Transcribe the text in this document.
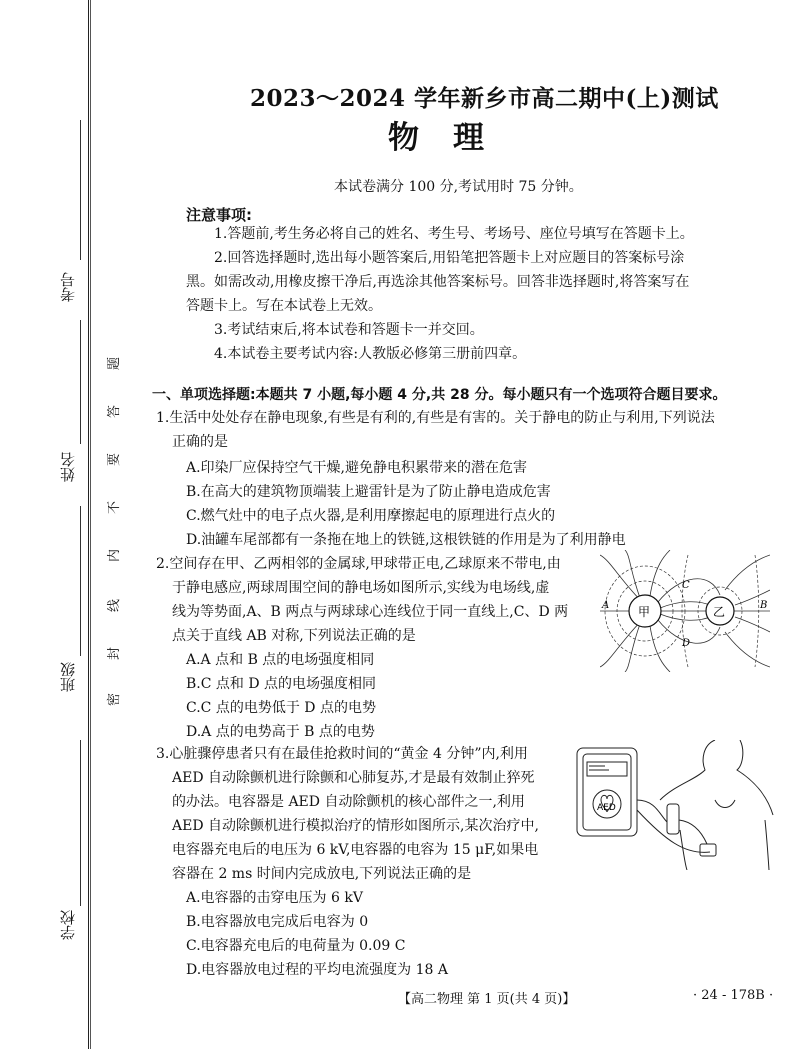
考号
姓名
班级
学校
密
封
线
内
不
要
答
题
2023～2024 学年新乡市高二期中(上)测试
物理
本试卷满分 100 分,考试用时 75 分钟。
注意事项:
1.答题前,考生务必将自己的姓名、考生号、考场号、座位号填写在答题卡上。
2.回答选择题时,选出每小题答案后,用铅笔把答题卡上对应题目的答案标号涂
黑。如需改动,用橡皮擦干净后,再选涂其他答案标号。回答非选择题时,将答案写在
答题卡上。写在本试卷上无效。
3.考试结束后,将本试卷和答题卡一并交回。
4.本试卷主要考试内容:人教版必修第三册前四章。
一、单项选择题:本题共 7 小题,每小题 4 分,共 28 分。每小题只有一个选项符合题目要求。
1.生活中处处存在静电现象,有些是有利的,有些是有害的。关于静电的防止与利用,下列说法
正确的是
A.印染厂应保持空气干燥,避免静电积累带来的潜在危害
B.在高大的建筑物顶端装上避雷针是为了防止静电造成危害
C.燃气灶中的电子点火器,是利用摩擦起电的原理进行点火的
D.油罐车尾部都有一条拖在地上的铁链,这根铁链的作用是为了利用静电
2.空间存在甲、乙两相邻的金属球,甲球带正电,乙球原来不带电,由
于静电感应,两球周围空间的静电场如图所示,实线为电场线,虚
线为等势面,A、B 两点与两球球心连线位于同一直线上,C、D 两
点关于直线 AB 对称,下列说法正确的是
A.A 点和 B 点的电场强度相同
B.C 点和 D 点的电场强度相同
C.C 点的电势低于 D 点的电势
D.A 点的电势高于 B 点的电势
甲	乙
A	B
C
D
3.心脏骤停患者只有在最佳抢救时间的“黄金 4 分钟”内,利用
AED 自动除颤机进行除颤和心肺复苏,才是最有效制止猝死
的办法。电容器是 AED 自动除颤机的核心部件之一,利用
AED 自动除颤机进行模拟治疗的情形如图所示,某次治疗中,
电容器充电后的电压为 6 kV,电容器的电容为 15 μF,如果电
容器在 2 ms 时间内完成放电,下列说法正确的是
A.电容器的击穿电压为 6 kV
B.电容器放电完成后电容为 0
C.电容器充电后的电荷量为 0.09 C
D.电容器放电过程的平均电流强度为 18 A
AED
【高二物理 第 1 页(共 4 页)】	· 24 - 178B ·
